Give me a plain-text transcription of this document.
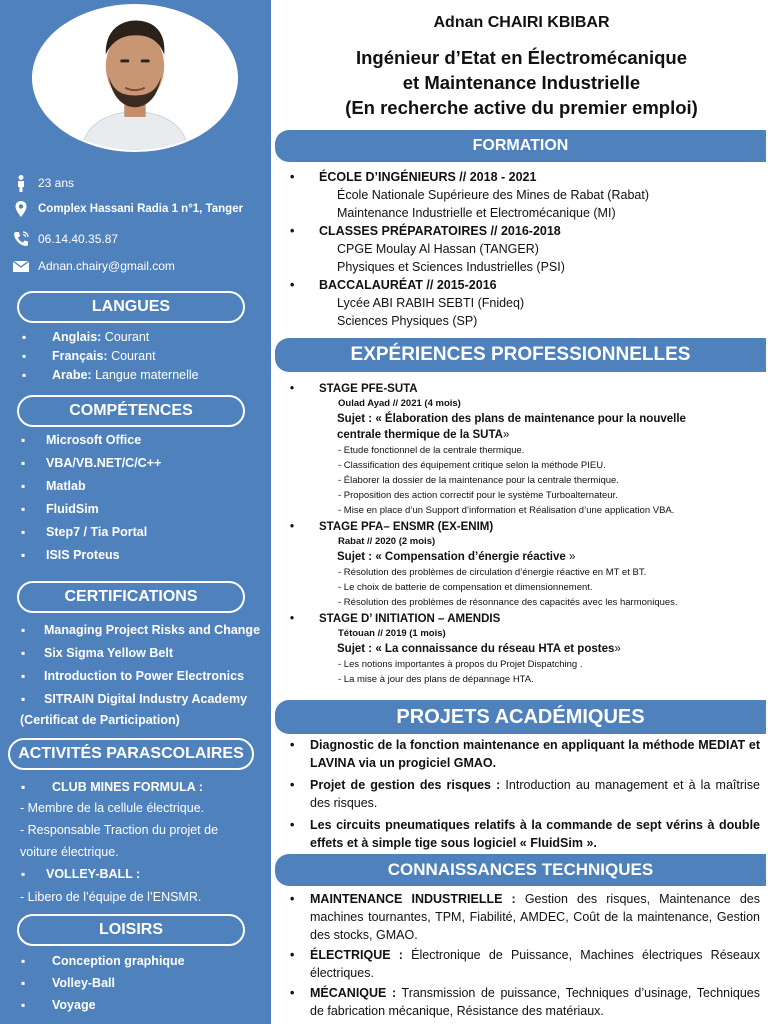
23 ans
Complex Hassani Radia 1 n°1, Tanger
06.14.40.35.87
Adnan.chairy@gmail.com
LANGUES
▪ Anglais: Courant
▪ Français: Courant
▪ Arabe: Langue maternelle
COMPÉTENCES
▪ Microsoft Office
▪ VBA/VB.NET/C/C++
▪ Matlab
▪ FluidSim
▪ Step7 / Tia Portal
▪ ISIS Proteus
CERTIFICATIONS
▪ Managing Project Risks and Change
▪ Six Sigma Yellow Belt
▪ Introduction to Power Electronics
▪ SITRAIN Digital Industry Academy
(Certificat de Participation)
ACTIVITÉS PARASCOLAIRES
▪ CLUB MINES FORMULA :
- Membre de la cellule électrique.
- Responsable Traction du projet de
voiture électrique.
▪ VOLLEY-BALL :
- Libero de l’équipe de l’ENSMR.
LOISIRS
▪ Conception graphique
▪ Volley-Ball
▪ Voyage
Adnan CHAIRI KBIBAR
Ingénieur d’Etat en Électromécanique
et Maintenance Industrielle
(En recherche active du premier emploi)
FORMATION
• ÉCOLE D’INGÉNIEURS // 2018 - 2021
École Nationale Supérieure des Mines de Rabat (Rabat)
Maintenance Industrielle et Electromécanique (MI)
• CLASSES PRÉPARATOIRES // 2016-2018
CPGE Moulay Al Hassan (TANGER)
Physiques et Sciences Industrielles (PSI)
• BACCALAURÉAT // 2015-2016
Lycée ABI RABIH SEBTI (Fnideq)
Sciences Physiques (SP)
EXPÉRIENCES PROFESSIONNELLES
• STAGE PFE-SUTA
Oulad Ayad // 2021 (4 mois)
Sujet : « Élaboration des plans de maintenance pour la nouvelle
centrale thermique de la SUTA»
- Etude fonctionnel de la centrale thermique.
- Classification des équipement critique selon la méthode PIEU.
- Élaborer la dossier de la maintenance pour la centrale thermique.
- Proposition des action correctif pour le système Turboalternateur.
- Mise en place d’un Support d’information et Réalisation d’une application VBA.
• STAGE PFA– ENSMR (EX-ENIM)
Rabat // 2020 (2 mois)
Sujet : « Compensation d’énergie réactive »
- Résolution des problèmes de circulation d’énergie réactive en MT et BT.
- Le choix de batterie de compensation et dimensionnement.
- Résolution des problèmes de résonnance des capacités avec les harmoniques.
• STAGE D’ INITIATION – AMENDIS
Tétouan // 2019 (1 mois)
Sujet : « La connaissance du réseau HTA et postes»
- Les notions importantes à propos du Projet Dispatching .
- La mise à jour des plans de dépannage HTA.
PROJETS ACADÉMIQUES
• Diagnostic de la fonction maintenance en appliquant la méthode MEDIAT et LAVINA via un progiciel GMAO.
• Projet de gestion des risques : Introduction au management et à la maîtrise des risques.
• Les circuits pneumatiques relatifs à la commande de sept vérins à double effets et à simple tige sous logiciel « FluidSim ».
CONNAISSANCES TECHNIQUES
• MAINTENANCE INDUSTRIELLE : Gestion des risques, Maintenance des machines tournantes, TPM, Fiabilité, AMDEC, Coût de la maintenance, Gestion des stocks, GMAO.
• ÉLECTRIQUE : Électronique de Puissance, Machines électriques Réseaux électriques.
• MÉCANIQUE : Transmission de puissance, Techniques d’usinage, Techniques de fabrication mécanique, Résistance des matériaux.
